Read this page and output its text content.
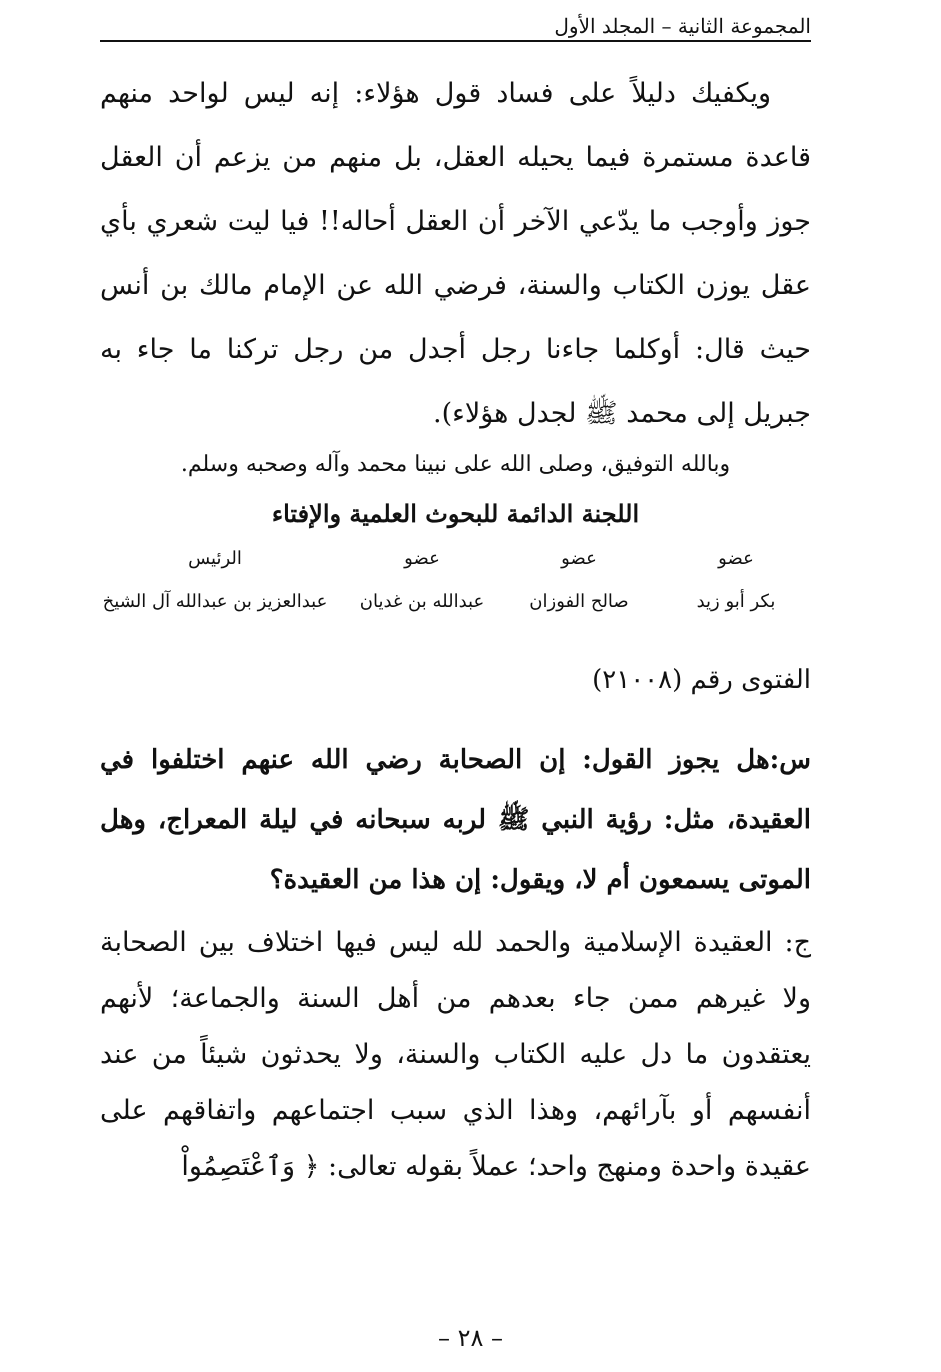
المجموعة الثانية – المجلد الأول

ويكفيك دليلاً على فساد قول هؤلاء: إنه ليس لواحد منهم قاعدة مستمرة فيما يحيله العقل، بل منهم من يزعم أن العقل جوز وأوجب ما يدّعي الآخر أن العقل أحاله!! فيا ليت شعري بأي عقل يوزن الكتاب والسنة، فرضي الله عن الإمام مالك بن أنس حيث قال: أوكلما جاءنا رجل أجدل من رجل تركنا ما جاء به جبريل إلى محمد ﷺ لجدل هؤلاء).

وبالله التوفيق، وصلى الله على نبينا محمد وآله وصحبه وسلم.
اللجنة الدائمة للبحوث العلمية والإفتاء
عضو
عضو
عضو
الرئيس
بكر أبو زيد
صالح الفوزان
عبدالله بن غديان
عبدالعزيز بن عبدالله آل الشيخ
الفتوى رقم (٢١٠٠٨)

س:هل يجوز القول: إن الصحابة رضي الله عنهم اختلفوا في العقيدة، مثل: رؤية النبي ﷺ لربه سبحانه في ليلة المعراج، وهل الموتى يسمعون أم لا، ويقول: إن هذا من العقيدة؟

ج: العقيدة الإسلامية والحمد لله ليس فيها اختلاف بين الصحابة ولا غيرهم ممن جاء بعدهم من أهل السنة والجماعة؛ لأنهم يعتقدون ما دل عليه الكتاب والسنة، ولا يحدثون شيئاً من عند أنفسهم أو بآرائهم، وهذا الذي سبب اجتماعهم واتفاقهم على عقيدة واحدة ومنهج واحد؛ عملاً بقوله تعالى: ﴿ وَٱعْتَصِمُواْ

– ٢٨ –
